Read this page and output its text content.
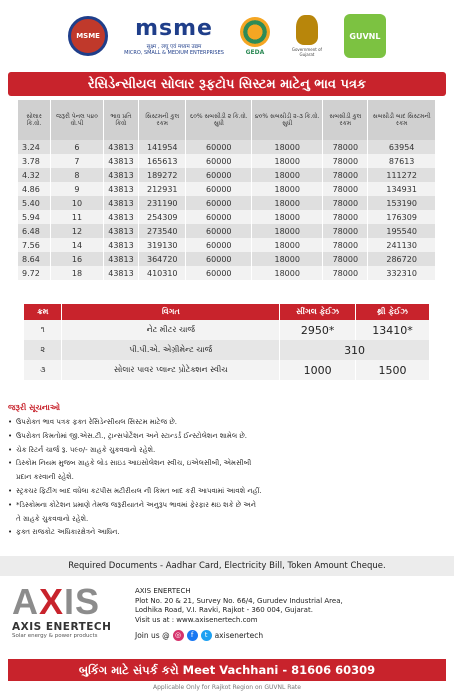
MSME	msme
सूक्ष्म , लघु एवं मध्यम उद्यम
MICRO, SMALL & MEDIUM ENTERPRISES	GEDA	Government of Gujarat
GUVNL
રેસિડેન્સીયલ સોલાર રૂફટોપ સિસ્ટમ માટેનુ ભાવ પત્રક
સોલાર કિ.વો.	જરૂરી પેનલ ૫૪૦ વો.પી	ભાવ પ્રતિ કિવો	સિસ્ટમની કુલ રકમ	૬૦% સબસીડી ૨ કિ.વો. સુધી	૪૦% સબસીડી ૨-૩ કિ.વો. સુધી	સબસીડી કુલ રકમ	સબસીડી બાદ સિસ્ટમની રકમ
3.24	6	43813	141954	60000	18000	78000	63954
3.78	7	43813	165613	60000	18000	78000	87613
4.32	8	43813	189272	60000	18000	78000	111272
4.86	9	43813	212931	60000	18000	78000	134931
5.40	10	43813	231190	60000	18000	78000	153190
5.94	11	43813	254309	60000	18000	78000	176309
6.48	12	43813	273540	60000	18000	78000	195540
7.56	14	43813	319130	60000	18000	78000	241130
8.64	16	43813	364720	60000	18000	78000	286720
9.72	18	43813	410310	60000	18000	78000	332310
ક્રમ	વિગત	સીંગલ ફેઈઝ	થ્રી ફેઈઝ
૧	નેટ મીટર ચાર્જ	2950*	13410*
૨	પી.પી.એ. એગ્રીમેન્ટ ચાર્જ	310	
૩	સોલાર પાવર પ્લાન્ટ પ્રોટેક્શન સ્વીચ	1000	1500
જરૂરી સૂચનાઓ
• ઉપરોક્ત ભાવ પત્રક ફક્ત રેસિડેન્સીયલ સિસ્ટમ માટેજ છે.
• ઉપરોક્ત કિમતોમાં જી.એસ.ટી., ટ્રાન્સપોર્ટેશન અને સ્ટાન્ડર્ડ ઈન્સ્ટોલેશન શામેલ છે.
• ચેક રિટર્ન ચાર્જ રૂ. ૫૯૦/- ગ્રાહકે ચુકવવાનો રહેશે.
• ડિસ્કોમ નિયમ મુજબ ગ્રાહકે લોડ સાઇડ આઇસોલેશન સ્વીચ, ઇએલસીબી, એમસીબી
પ્રદાન કરવાની રહેશે.
• સ્ટ્રક્ચર ફિટીંગ બાદ વધેલા કટપીસ મટીરીયલ ની કિમત બાદ કરી આપવામાં આવશે નહીં.
• *ડિસ્કોમના કોટેશન પ્રમાણે તેમજ જરૂરીયાતને અનુરૂપ ભાવમાં ફેરફાર થઇ શકે છે અને
તે ગ્રાહકે ચુકવવાનો રહેશે.
• ફક્ત રાજકોટ અધિકારક્ષેત્રને આધિન.
Required Documents - Aadhar Card, Electricity Bill, Token Amount Cheque.
AXIS
AXIS ENERTECH
Solar energy & power products
AXIS ENERTECH
Plot No. 20 & 21, Survey No. 66/4, Gurudev Industrial Area,
Lodhika Road, V.I. Ravki, Rajkot - 360 004, Gujarat.
Visit us at : www.axisenertech.com
Join us @ ◎	f	t axisenertech
બુકિંગ માટે સંપર્ક કરો Meet Vachhani - 81606 60309
Applicable Only for Rajkot Region on GUVNL Rate
